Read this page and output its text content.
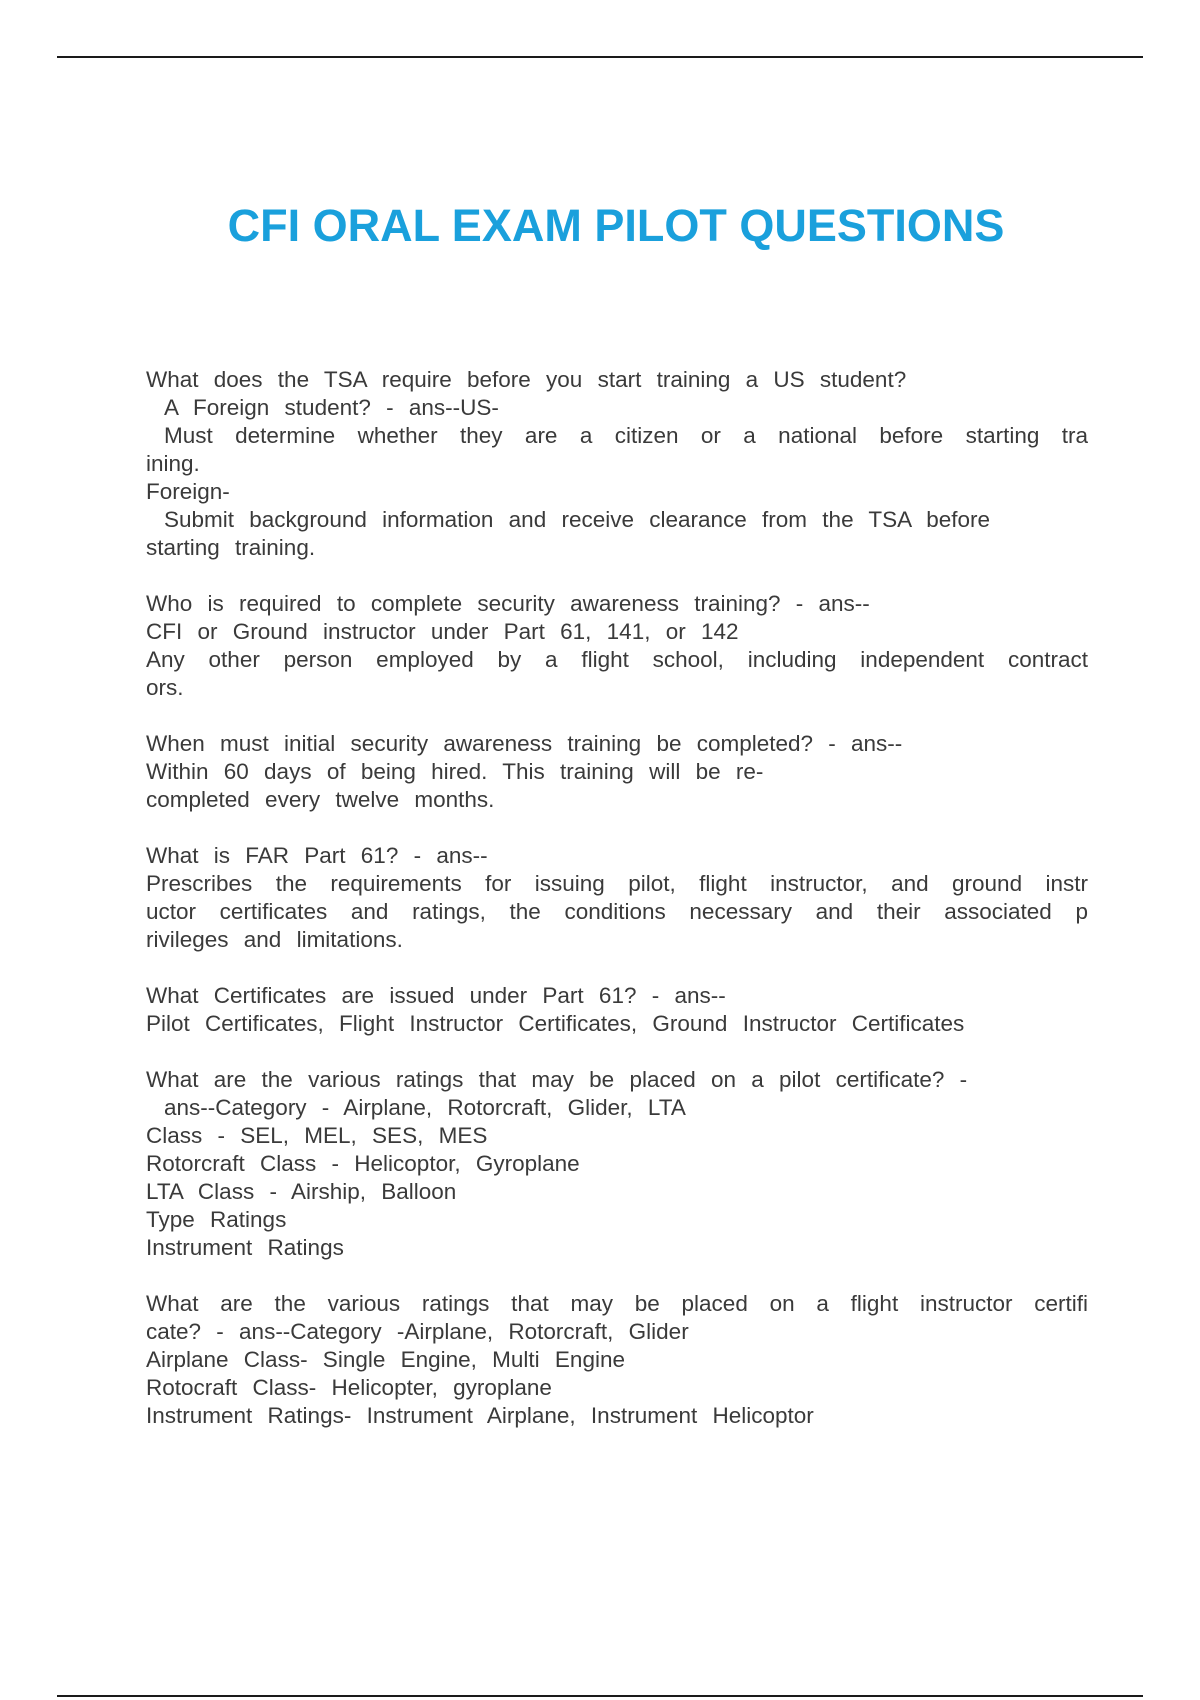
CFI ORAL EXAM PILOT QUESTIONS
What does the TSA require before you start training a US student?
A Foreign student? - ans--US-
Must determine whether they are a citizen or a national before starting tra
ining.
Foreign-
Submit background information and receive clearance from the TSA before
starting training.
Who is required to complete security awareness training? - ans--
CFI or Ground instructor under Part 61, 141, or 142
Any other person employed by a flight school, including independent contract
ors.
When must initial security awareness training be completed? - ans--
Within 60 days of being hired. This training will be re-
completed every twelve months.
What is FAR Part 61? - ans--
Prescribes the requirements for issuing pilot, flight instructor, and ground instr
uctor certificates and ratings, the conditions necessary and their associated p
rivileges and limitations.
What Certificates are issued under Part 61? - ans--
Pilot Certificates, Flight Instructor Certificates, Ground Instructor Certificates
What are the various ratings that may be placed on a pilot certificate? -
ans--Category - Airplane, Rotorcraft, Glider, LTA
Class - SEL, MEL, SES, MES
Rotorcraft Class - Helicoptor, Gyroplane
LTA Class - Airship, Balloon
Type Ratings
Instrument Ratings
What are the various ratings that may be placed on a flight instructor certifi
cate? - ans--Category -Airplane, Rotorcraft, Glider
Airplane Class- Single Engine, Multi Engine
Rotocraft Class- Helicopter, gyroplane
Instrument Ratings- Instrument Airplane, Instrument Helicoptor
